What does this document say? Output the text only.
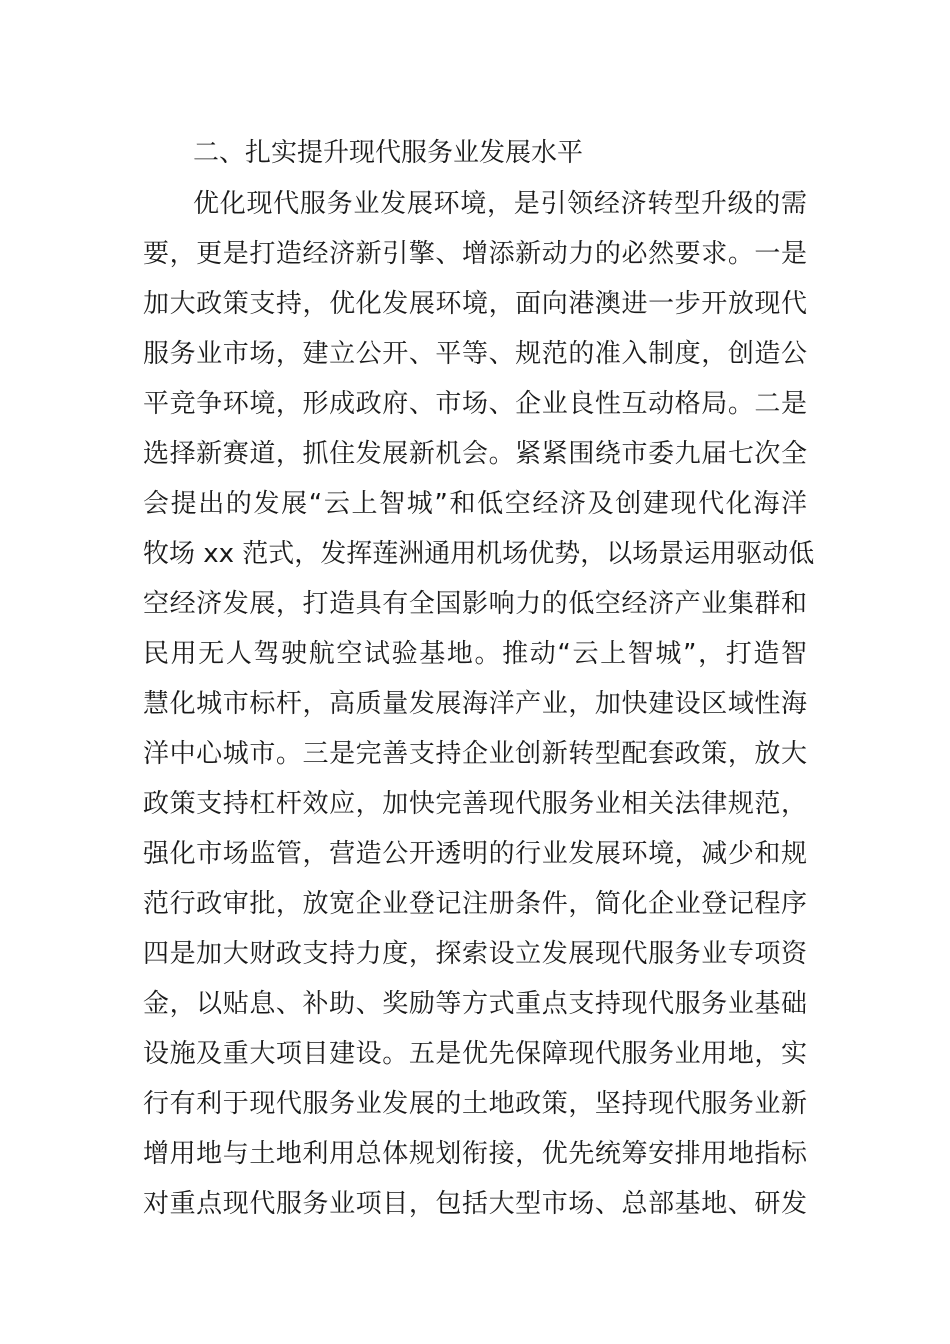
二、扎实提升现代服务业发展水平
优化现代服务业发展环境，是引领经济转型升级的需
要，更是打造经济新引擎、增添新动力的必然要求。一是
加大政策支持，优化发展环境，面向港澳进一步开放现代
服务业市场，建立公开、平等、规范的准入制度，创造公
平竞争环境，形成政府、市场、企业良性互动格局。二是
选择新赛道，抓住发展新机会。紧紧围绕市委九届七次全
会提出的发展“云上智城”和低空经济及创建现代化海洋
牧场 xx 范式，发挥莲洲通用机场优势，以场景运用驱动低
空经济发展，打造具有全国影响力的低空经济产业集群和
民用无人驾驶航空试验基地。推动“云上智城”，打造智
慧化城市标杆，高质量发展海洋产业，加快建设区域性海
洋中心城市。三是完善支持企业创新转型配套政策，放大
政策支持杠杆效应，加快完善现代服务业相关法律规范，
强化市场监管，营造公开透明的行业发展环境，减少和规
范行政审批，放宽企业登记注册条件，简化企业登记程序
四是加大财政支持力度，探索设立发展现代服务业专项资
金，以贴息、补助、奖励等方式重点支持现代服务业基础
设施及重大项目建设。五是优先保障现代服务业用地，实
行有利于现代服务业发展的土地政策，坚持现代服务业新
增用地与土地利用总体规划衔接，优先统筹安排用地指标
对重点现代服务业项目，包括大型市场、总部基地、研发
